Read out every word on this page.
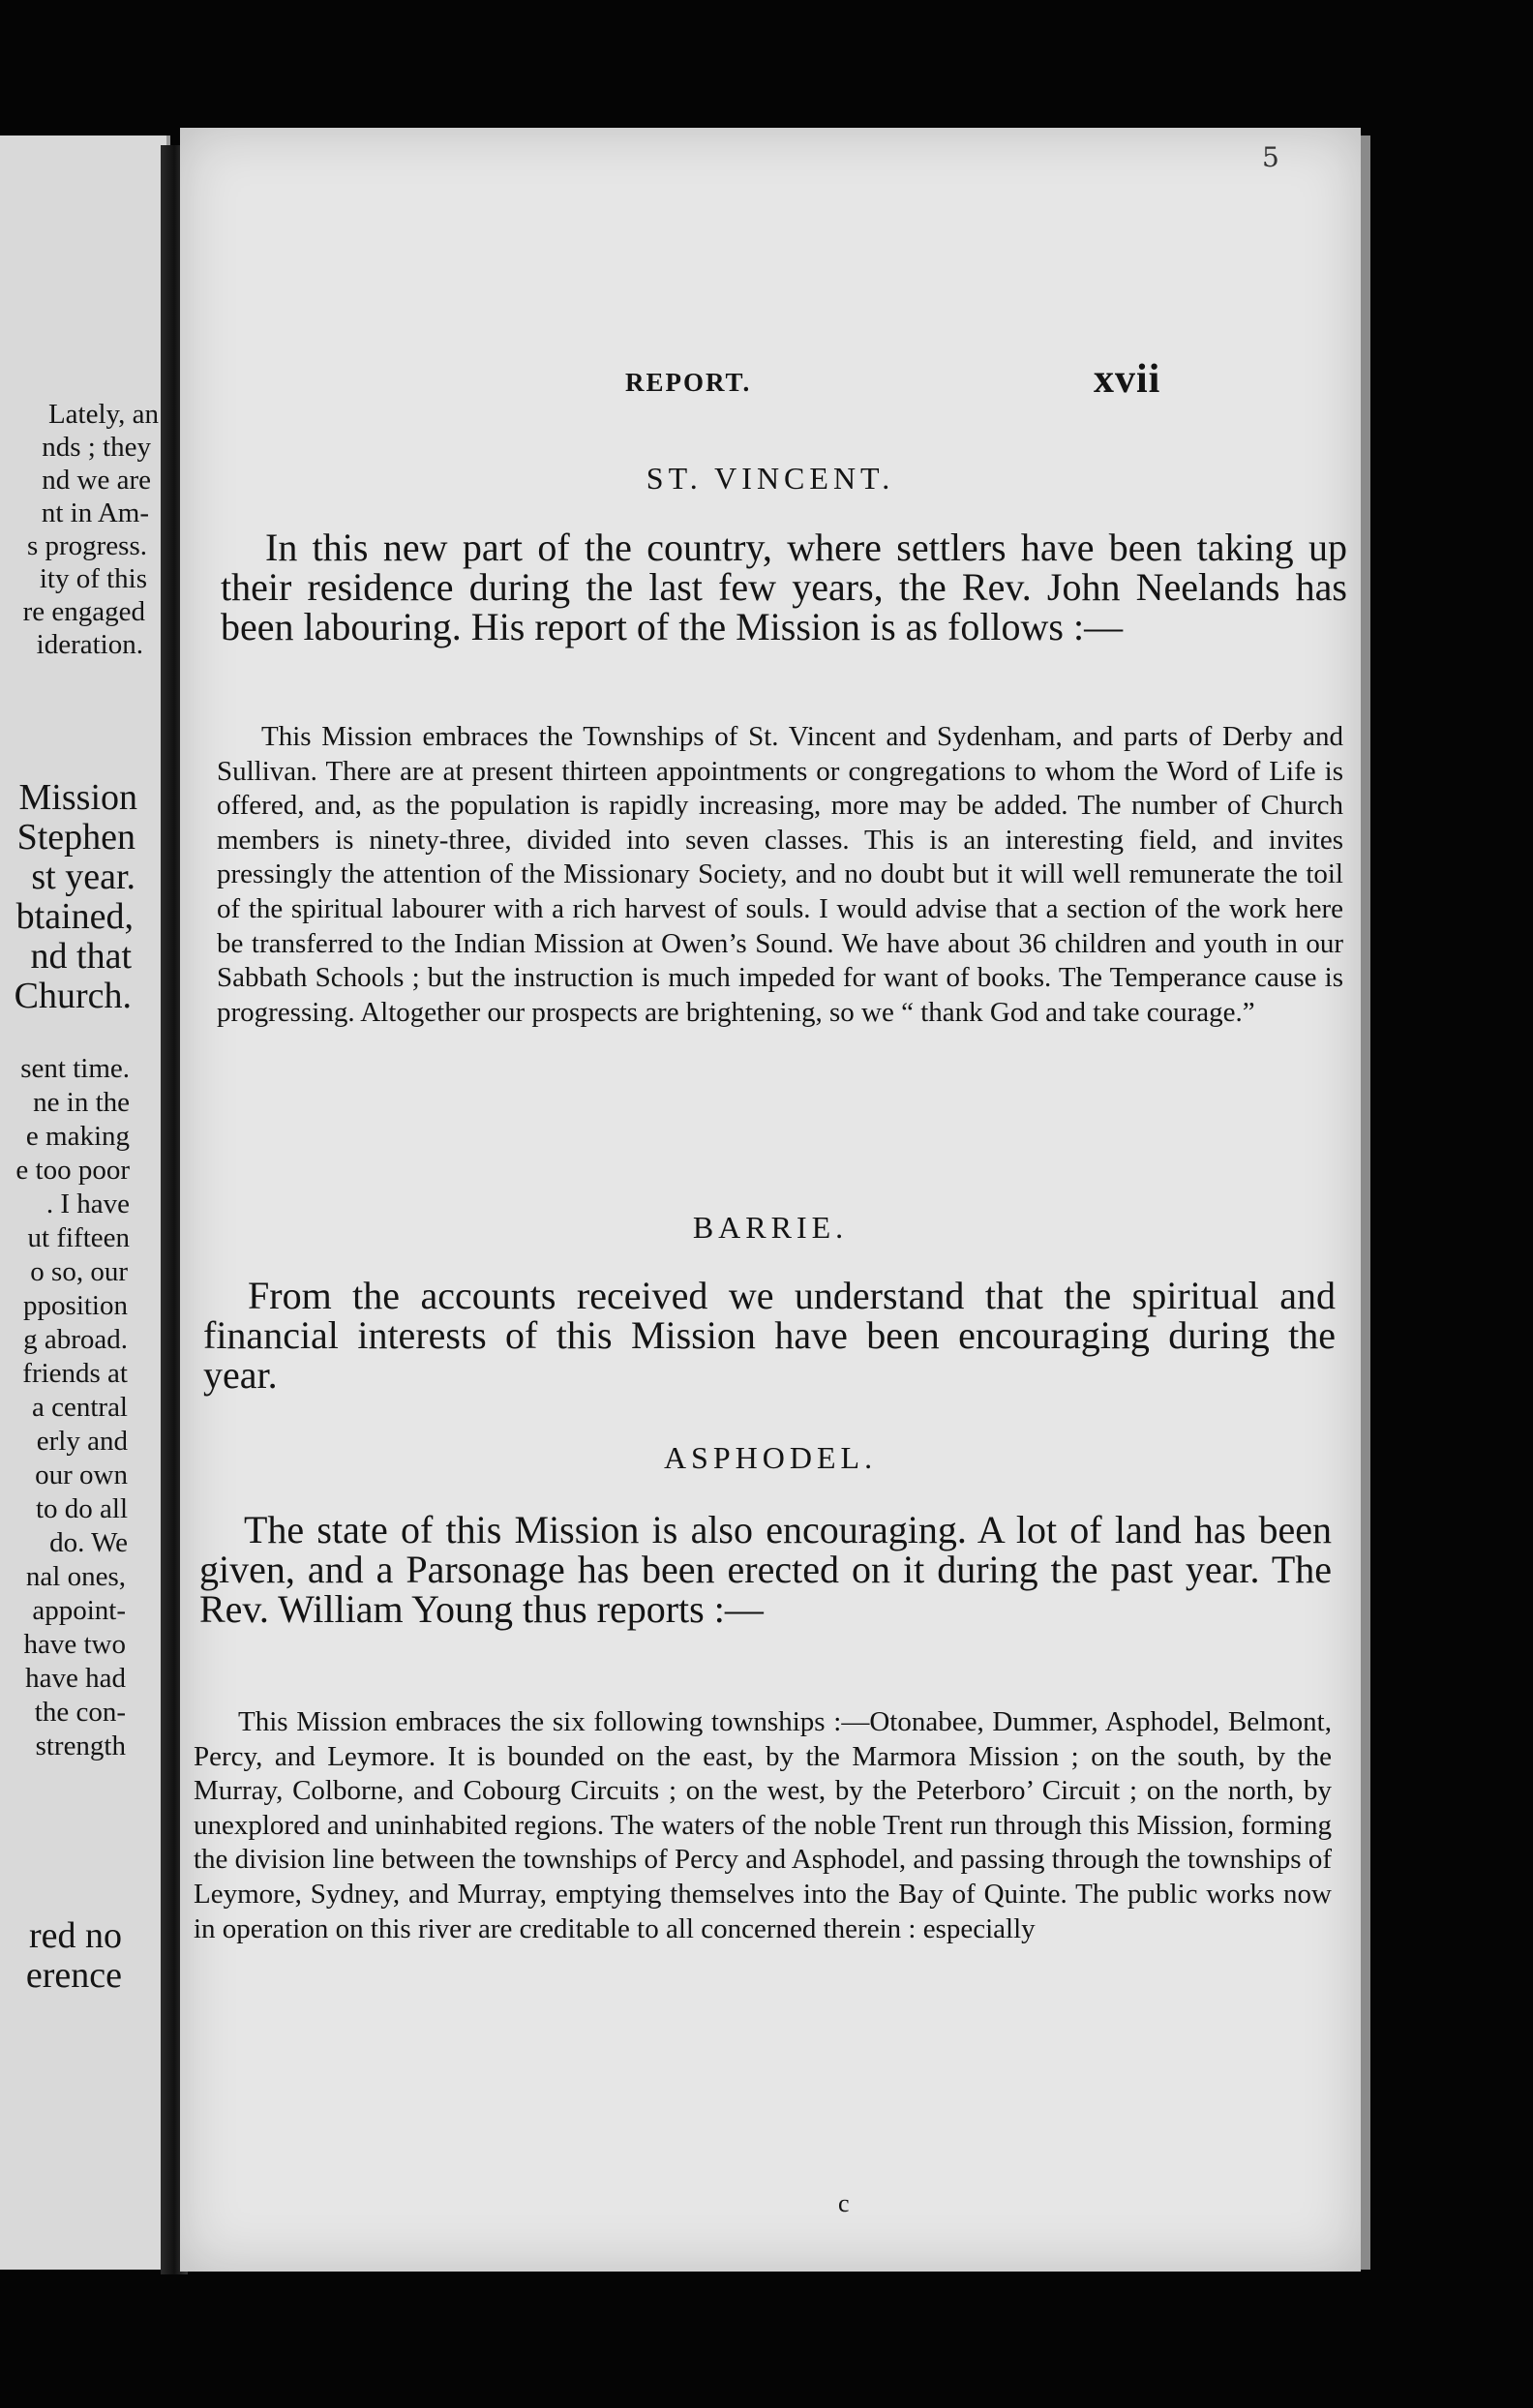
Lately, an
nds ; they
nd we are
nt in Am-
s progress.
ity of this
re engaged
ideration.
Mission
Stephen
st year.
btained,
nd that
Church.
sent time.
ne in the
e making
e too poor
. I have
ut fifteen
o so, our
pposition
g abroad.
friends at
a central
erly and
our own
to do all
do. We
nal ones,
appoint-
have two
have had
the con-
strength
red no
erence
5
REPORT.	xvii
ST. VINCENT.

In this new part of the country, where settlers have been taking up their residence during the last few years, the Rev. John Neelands has been labouring. His report of the Mission is as follows :—

This Mission embraces the Townships of St. Vincent and Sydenham, and parts of Derby and Sullivan. There are at present thirteen appointments or congregations to whom the Word of Life is offered, and, as the population is rapidly increasing, more may be added. The number of Church members is ninety-three, divided into seven classes. This is an interesting field, and invites pressingly the attention of the Missionary Society, and no doubt but it will well remunerate the toil of the spiritual labourer with a rich harvest of souls. I would advise that a section of the work here be transferred to the Indian Mission at Owen’s Sound. We have about 36 children and youth in our Sabbath Schools ; but the instruction is much impeded for want of books. The Temperance cause is progressing. Altogether our prospects are brightening, so we “ thank God and take courage.”

BARRIE.

From the accounts received we understand that the spiritual and financial interests of this Mission have been encouraging during the year.

ASPHODEL.

The state of this Mission is also encouraging. A lot of land has been given, and a Parsonage has been erected on it during the past year. The Rev. William Young thus reports :—

This Mission embraces the six following townships :—Otonabee, Dummer, Asphodel, Belmont, Percy, and Leymore. It is bounded on the east, by the Marmora Mission ; on the south, by the Murray, Colborne, and Cobourg Circuits ; on the west, by the Peterboro’ Circuit ; on the north, by unexplored and uninhabited regions. The waters of the noble Trent run through this Mission, forming the division line between the townships of Percy and Asphodel, and passing through the townships of Leymore, Sydney, and Murray, emptying themselves into the Bay of Quinte. The public works now in operation on this river are creditable to all concerned therein : especially

c
